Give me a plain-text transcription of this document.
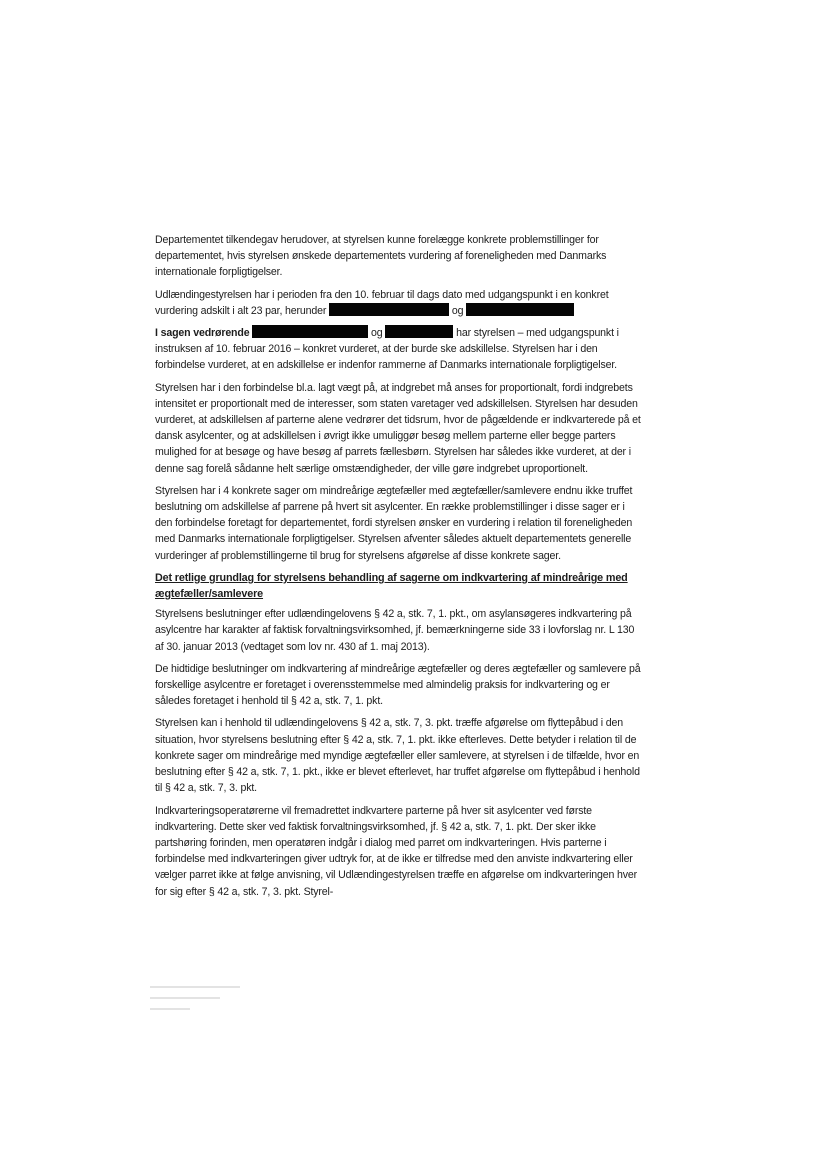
Departementet tilkendegav herudover, at styrelsen kunne forelægge konkrete problemstillinger for departementet, hvis styrelsen ønskede departementets vurdering af foreneligheden med Danmarks internationale forpligtigelser.

Udlændingestyrelsen har i perioden fra den 10. februar til dags dato med udgangspunkt i en konkret vurdering adskilt i alt 23 par, herunder	og

I sagen vedrørende	og	har styrelsen – med udgangspunkt i instruksen af 10. februar 2016 – konkret vurderet, at der burde ske adskillelse. Styrelsen har i den forbindelse vurderet, at en adskillelse er indenfor rammerne af Danmarks internationale forpligtigelser.

Styrelsen har i den forbindelse bl.a. lagt vægt på, at indgrebet må anses for proportionalt, fordi indgrebets intensitet er proportionalt med de interesser, som staten varetager ved adskillelsen. Styrelsen har desuden vurderet, at adskillelsen af parterne alene vedrører det tidsrum, hvor de pågældende er indkvarterede på et dansk asylcenter, og at adskillelsen i øvrigt ikke umuliggør besøg mellem parterne eller begge parters mulighed for at besøge og have besøg af parrets fællesbørn. Styrelsen har således ikke vurderet, at der i denne sag forelå sådanne helt særlige omstændigheder, der ville gøre indgrebet uproportionelt.

Styrelsen har i 4 konkrete sager om mindreårige ægtefæller med ægtefæller/samlevere endnu ikke truffet beslutning om adskillelse af parrene på hvert sit asylcenter. En række problemstillinger i disse sager er i den forbindelse foretagt for departementet, fordi styrelsen ønsker en vurdering i relation til foreneligheden med Danmarks internationale forpligtigelser. Styrelsen afventer således aktuelt departementets generelle vurderinger af problemstillingerne til brug for styrelsens afgørelse af disse konkrete sager.

Det retlige grundlag for styrelsens behandling af sagerne om indkvartering af mindreårige med ægtefæller/samlevere

Styrelsens beslutninger efter udlændingelovens § 42 a, stk. 7, 1. pkt., om asylansøgeres indkvartering på asylcentre har karakter af faktisk forvaltningsvirksomhed, jf. bemærkningerne side 33 i lovforslag nr. L 130 af 30. januar 2013 (vedtaget som lov nr. 430 af 1. maj 2013).

De hidtidige beslutninger om indkvartering af mindreårige ægtefæller og deres ægtefæller og samlevere på forskellige asylcentre er foretaget i overensstemmelse med almindelig praksis for indkvartering og er således foretaget i henhold til § 42 a, stk. 7, 1. pkt.

Styrelsen kan i henhold til udlændingelovens § 42 a, stk. 7, 3. pkt. træffe afgørelse om flyttepåbud i den situation, hvor styrelsens beslutning efter § 42 a, stk. 7, 1. pkt. ikke efterleves. Dette betyder i relation til de konkrete sager om mindreårige med myndige ægtefæller eller samlevere, at styrelsen i de tilfælde, hvor en beslutning efter § 42 a, stk. 7, 1. pkt., ikke er blevet efterlevet, har truffet afgørelse om flyttepåbud i henhold til § 42 a, stk. 7, 3. pkt.

Indkvarteringsoperatørerne vil fremadrettet indkvartere parterne på hver sit asylcenter ved første indkvartering. Dette sker ved faktisk forvaltningsvirksomhed, jf. § 42 a, stk. 7, 1. pkt. Der sker ikke partshøring forinden, men operatøren indgår i dialog med parret om indkvarteringen. Hvis parterne i forbindelse med indkvarteringen giver udtryk for, at de ikke er tilfredse med den anviste indkvartering eller vælger parret ikke at følge anvisning, vil Udlændingestyrelsen træffe en afgørelse om indkvarteringen hver for sig efter § 42 a, stk. 7, 3. pkt. Styrel-
